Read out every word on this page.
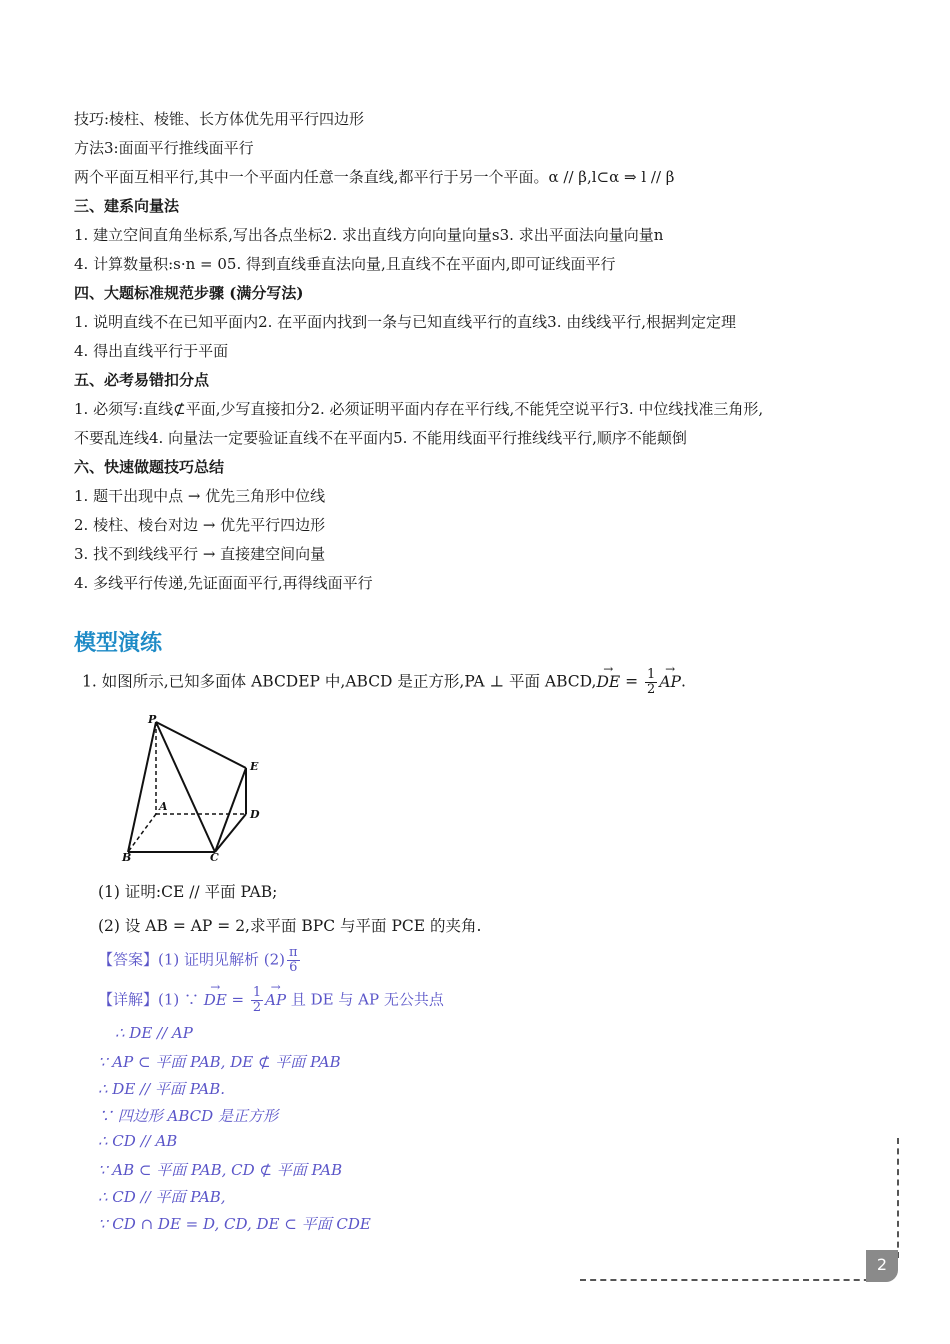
技巧:棱柱、棱锥、长方体优先用平行四边形
方法3:面面平行推线面平行
两个平面互相平行,其中一个平面内任意一条直线,都平行于另一个平面。α // β,l⊂α ⇒ l // β
三、建系向量法
1. 建立空间直角坐标系,写出各点坐标2. 求出直线方向向量向量s3. 求出平面法向量向量n
4. 计算数量积:s·n = 05. 得到直线垂直法向量,且直线不在平面内,即可证线面平行
四、大题标准规范步骤 (满分写法)
1. 说明直线不在已知平面内2. 在平面内找到一条与已知直线平行的直线3. 由线线平行,根据判定定理
4. 得出直线平行于平面
五、必考易错扣分点
1. 必须写:直线⊄平面,少写直接扣分2. 必须证明平面内存在平行线,不能凭空说平行3. 中位线找准三角形,
不要乱连线4. 向量法一定要验证直线不在平面内5. 不能用线面平行推线线平行,顺序不能颠倒
六、快速做题技巧总结
1. 题干出现中点 → 优先三角形中位线
2. 棱柱、棱台对边 → 优先平行四边形
3. 找不到线线平行 → 直接建空间向量
4. 多线平行传递,先证面面平行,再得线面平行
模型演练
1. 如图所示,已知多面体 ABCDEP 中,ABCD 是正方形,PA ⊥ 平面 ABCD,→ DE = $\frac{1}{2}$ → AP.
P
E
A
D
B	C
(1) 证明:CE // 平面 PAB;
(2) 设 AB = AP = 2,求平面 BPC 与平面 PCE 的夹角.
【答案】(1) 证明见解析 $(2) \frac{\pi}{6}$
【详解】(1) ∵ → DE = $\frac{1}{2}$ → AP 且 DE 与 AP 无公共点
∴ DE // AP
∵ AP ⊂ 平面 PAB, DE ⊄ 平面 PAB
∴ DE // 平面 PAB.
∵ 四边形 ABCD 是正方形
∴ CD // AB
∵ AB ⊂ 平面 PAB, CD ⊄ 平面 PAB
∴ CD // 平面 PAB,
∵ CD ∩ DE = D, CD, DE ⊂ 平面 CDE
2
